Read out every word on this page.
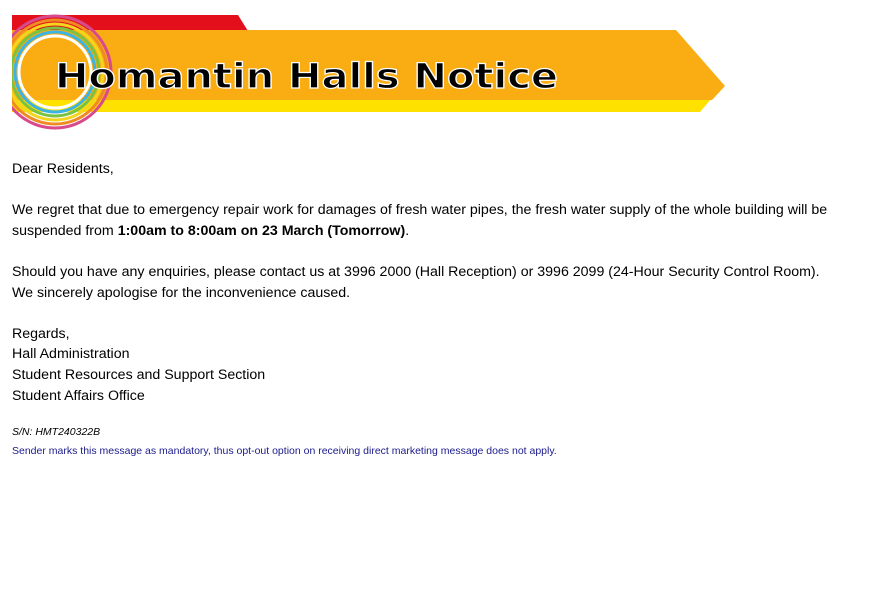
Homantin Halls Notice

Dear Residents,

We regret that due to emergency repair work for damages of fresh water pipes, the fresh water supply of the whole building will be suspended from 1:00am to 8:00am on 23 March (Tomorrow).

Should you have any enquiries, please contact us at 3996 2000 (Hall Reception) or 3996 2099 (24-Hour Security Control Room).
We sincerely apologise for the inconvenience caused.

Regards,
Hall Administration
Student Resources and Support Section
Student Affairs Office
S/N: HMT240322B
Sender marks this message as mandatory, thus opt-out option on receiving direct marketing message does not apply.
